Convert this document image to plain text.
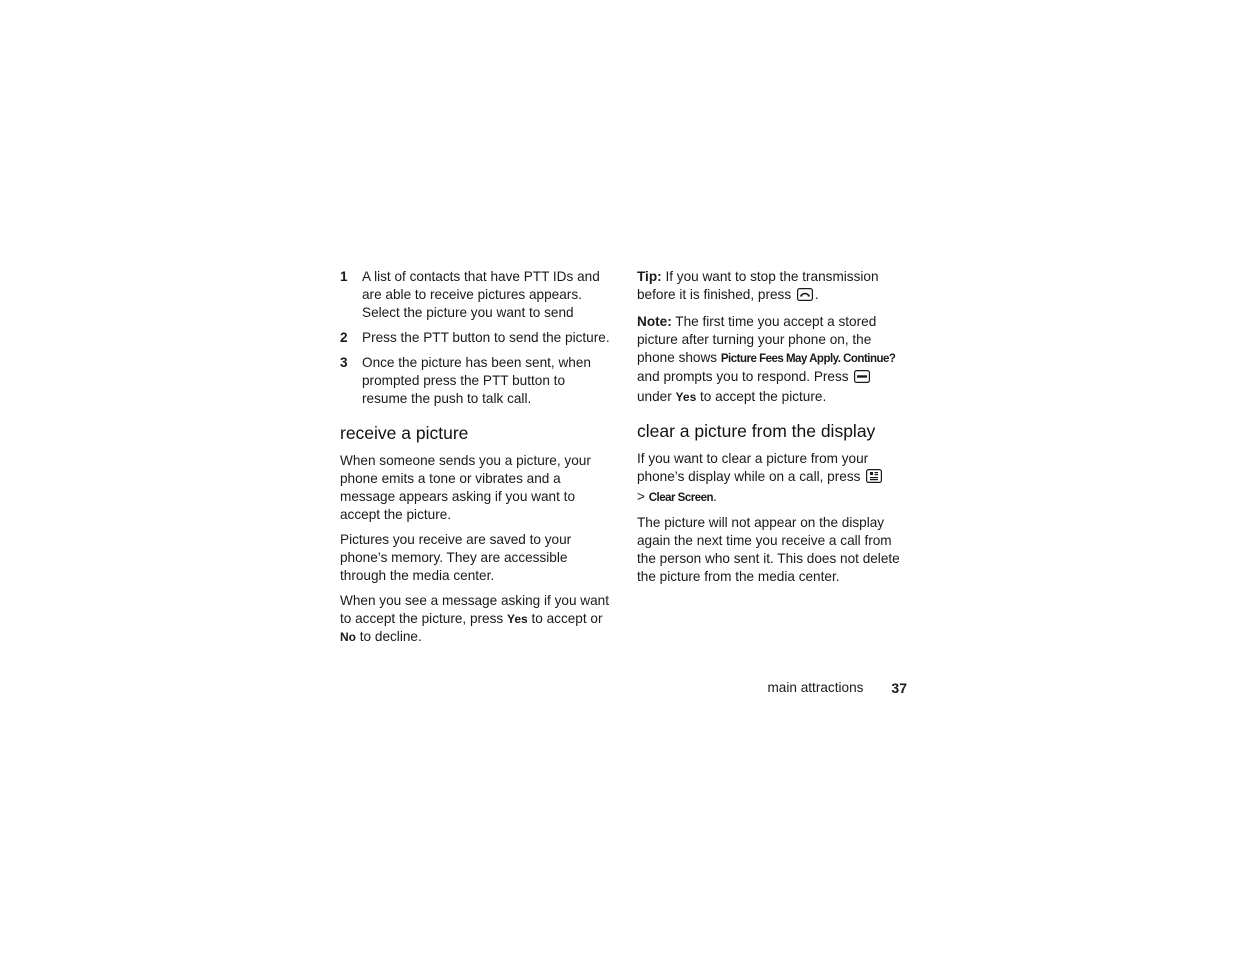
1	A list of contacts that have PTT IDs and are able to receive pictures appears. Select the picture you want to send
2	Press the PTT button to send the picture.
3	Once the picture has been sent, when prompted press the PTT button to resume the push to talk call.
receive a picture

When someone sends you a picture, your phone emits a tone or vibrates and a message appears asking if you want to accept the picture.

Pictures you receive are saved to your phone’s memory. They are accessible through the media center.

When you see a message asking if you want to accept the picture, press Yes to accept or No to decline.

Tip: If you want to stop the transmission before it is finished, press .

Note: The first time you accept a stored picture after turning your phone on, the phone shows Picture Fees May Apply. Continue? and prompts you to respond. Press  under Yes to accept the picture.

clear a picture from the display

If you want to clear a picture from your phone’s display while on a call, press
> Clear Screen.

The picture will not appear on the display again the next time you receive a call from the person who sent it. This does not delete the picture from the media center.

main attractions 37
